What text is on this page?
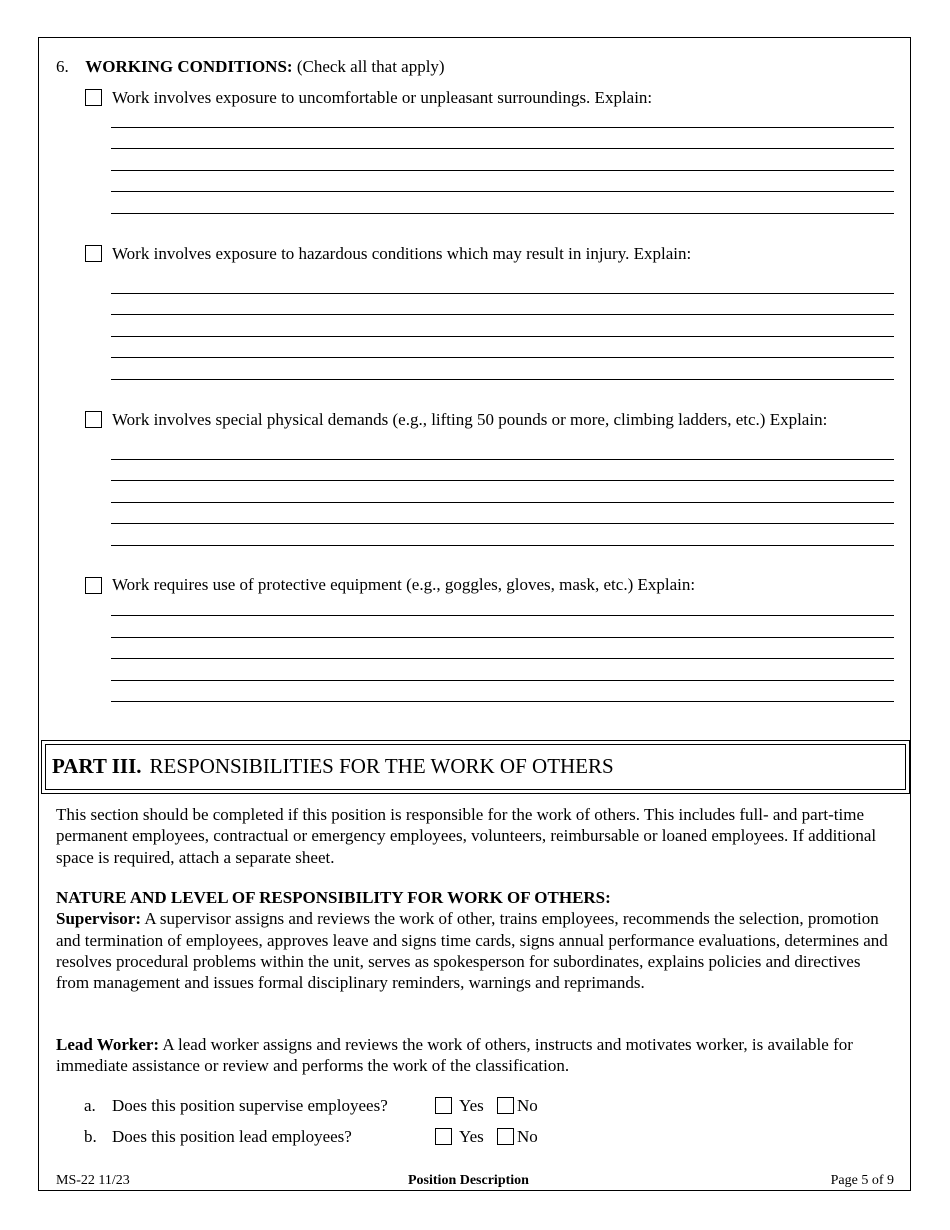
6. WORKING CONDITIONS: (Check all that apply)
Work involves exposure to uncomfortable or unpleasant surroundings. Explain:
Work involves exposure to hazardous conditions which may result in injury. Explain:
Work involves special physical demands (e.g., lifting 50 pounds or more, climbing ladders, etc.) Explain:
Work requires use of protective equipment (e.g., goggles, gloves, mask, etc.) Explain:
PART III. RESPONSIBILITIES FOR THE WORK OF OTHERS
This section should be completed if this position is responsible for the work of others. This includes full- and part-time permanent employees, contractual or emergency employees, volunteers, reimbursable or loaned employees. If additional space is required, attach a separate sheet.
NATURE AND LEVEL OF RESPONSIBILITY FOR WORK OF OTHERS:
Supervisor: A supervisor assigns and reviews the work of other, trains employees, recommends the selection, promotion and termination of employees, approves leave and signs time cards, signs annual performance evaluations, determines and resolves procedural problems within the unit, serves as spokesperson for subordinates, explains policies and directives from management and issues formal disciplinary reminders, warnings and reprimands.
Lead Worker: A lead worker assigns and reviews the work of others, instructs and motivates worker, is available for immediate assistance or review and performs the work of the classification.
a. Does this position supervise employees?	Yes No
b. Does this position lead employees?	Yes No
MS-22 11/23	Position Description	Page 5 of 9
